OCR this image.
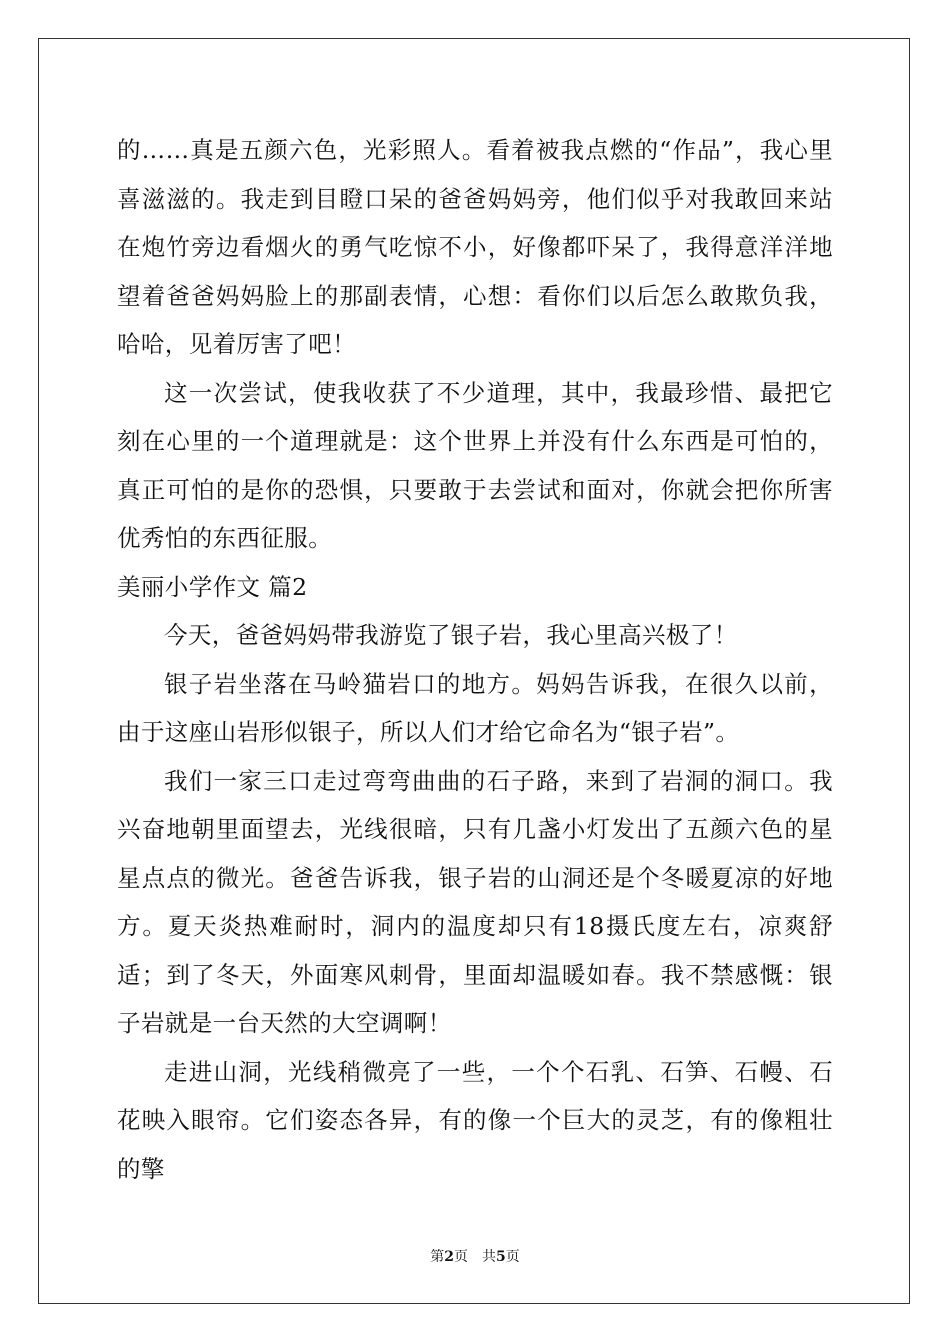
的……真是五颜六色，光彩照人。看着被我点燃的“作品”，我心里喜滋滋的。我走到目瞪口呆的爸爸妈妈旁，他们似乎对我敢回来站在炮竹旁边看烟火的勇气吃惊不小，好像都吓呆了，我得意洋洋地望着爸爸妈妈脸上的那副表情，心想：看你们以后怎么敢欺负我，哈哈，见着厉害了吧！

这一次尝试，使我收获了不少道理，其中，我最珍惜、最把它刻在心里的一个道理就是：这个世界上并没有什么东西是可怕的，真正可怕的是你的恐惧，只要敢于去尝试和面对，你就会把你所害优秀怕的东西征服。

美丽小学作文 篇2

今天，爸爸妈妈带我游览了银子岩，我心里高兴极了！

银子岩坐落在马岭猫岩口的地方。妈妈告诉我，在很久以前，由于这座山岩形似银子，所以人们才给它命名为“银子岩”。

我们一家三口走过弯弯曲曲的石子路，来到了岩洞的洞口。我兴奋地朝里面望去，光线很暗，只有几盏小灯发出了五颜六色的星星点点的微光。爸爸告诉我，银子岩的山洞还是个冬暖夏凉的好地方。夏天炎热难耐时，洞内的温度却只有18摄氏度左右，凉爽舒适；到了冬天，外面寒风刺骨，里面却温暖如春。我不禁感慨：银子岩就是一台天然的大空调啊！

走进山洞，光线稍微亮了一些，一个个石乳、石笋、石幔、石花映入眼帘。它们姿态各异，有的像一个巨大的灵芝，有的像粗壮的擎

第2页 共5页
